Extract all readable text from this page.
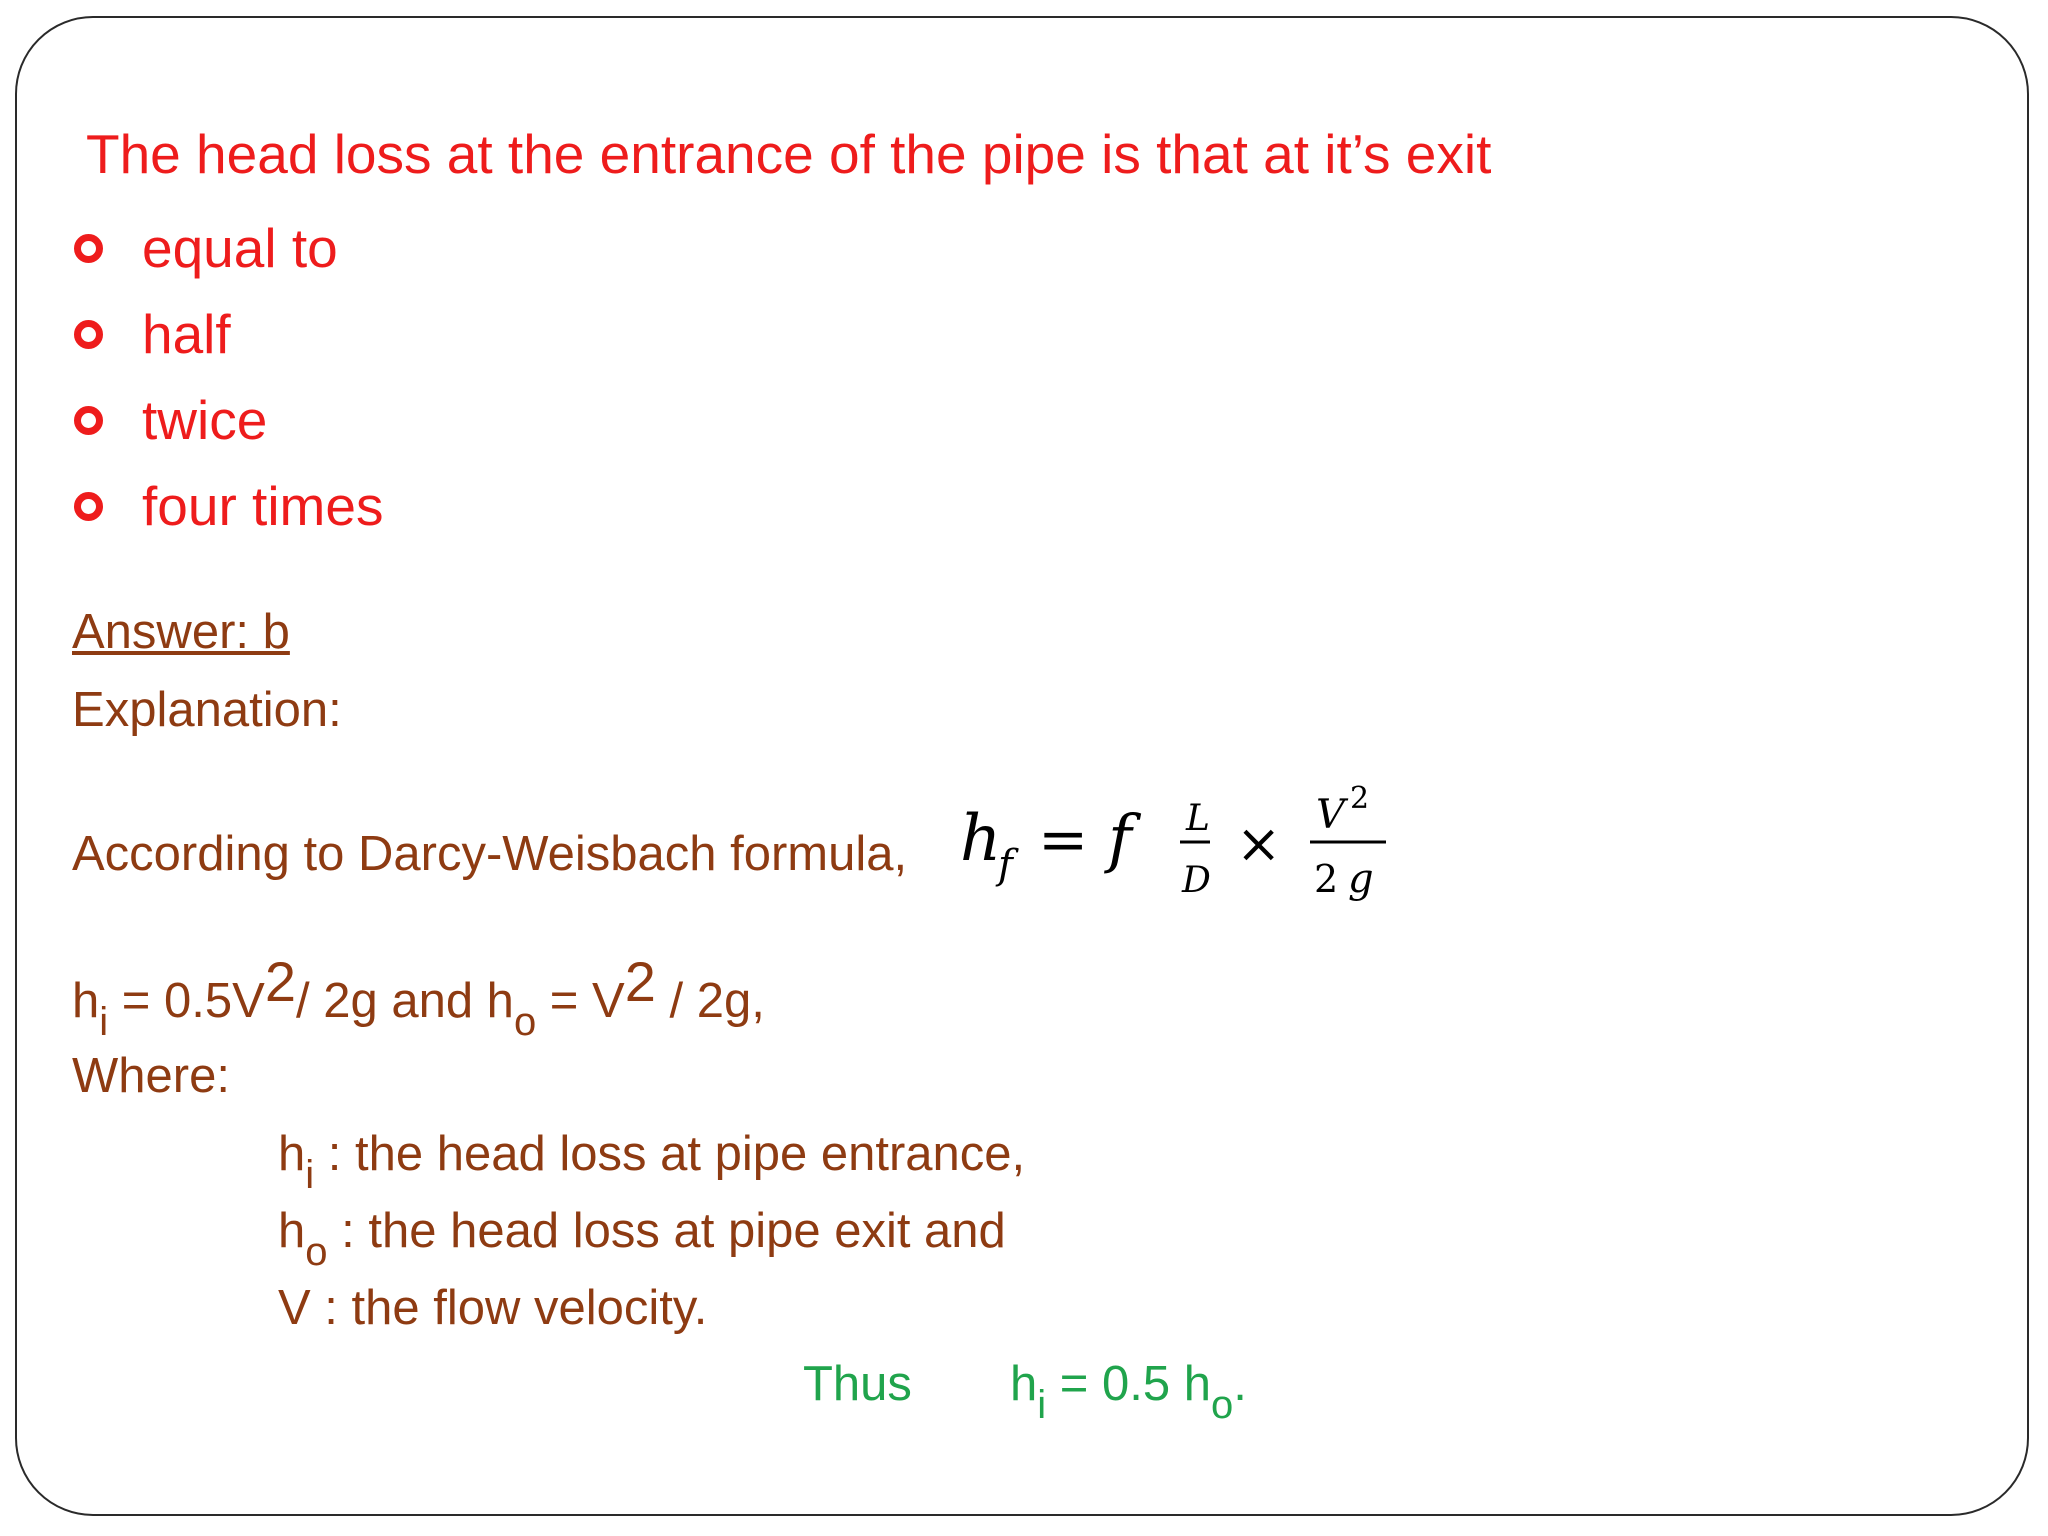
The head loss at the entrance of the pipe is that at it’s exit
equal to
half
twice
four times
Answer: b
Explanation:
According to Darcy-Weisbach formula, h
f = f L
D
× V 2
2 g
$h_i = 0.5V2/$ 2g and $h_o = V2 / 2g$,
Where:
$h_i$ : the head loss at pipe entrance,
$h_o$ : the head loss at pipe exit and
V : the flow velocity.
Thus $h_i = 0.5$ $h_o$.
